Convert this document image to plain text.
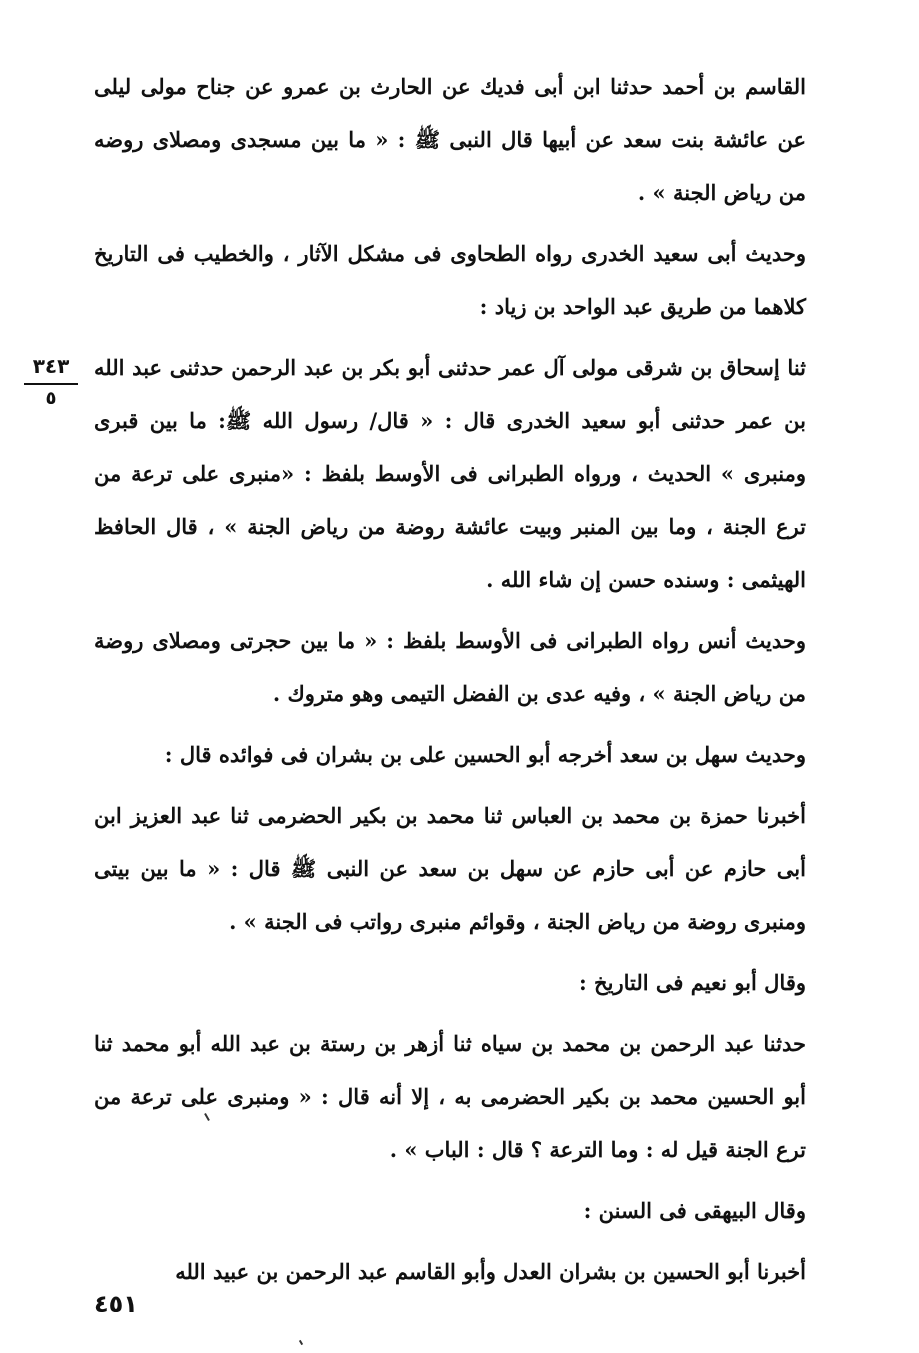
٣٤٣
٥

القاسم بن أحمد حدثنا ابن أبى فديك عن الحارث بن عمرو عن جناح مولى ليلى عن عائشة بنت سعد عن أبيها قال النبى ﷺ : « ما بين مسجدى ومصلاى روضه من رياض الجنة » .

وحديث أبى سعيد الخدرى رواه الطحاوى فى مشكل الآثار ، والخطيب فى التاريخ كلاهما من طريق عبد الواحد بن زياد :

ثنا إسحاق بن شرقى مولى آل عمر حدثنى أبو بكر بن عبد الرحمن حدثنى عبد الله بن عمر حدثنى أبو سعيد الخدرى قال : « قال/ رسول الله ﷺ: ما بين قبرى ومنبرى » الحديث ، ورواه الطبرانى فى الأوسط بلفظ : «منبرى على ترعة من ترع الجنة ، وما بين المنبر وبيت عائشة روضة من رياض الجنة » ، قال الحافظ الهيثمى : وسنده حسن إن شاء الله .

وحديث أنس رواه الطبرانى فى الأوسط بلفظ : « ما بين حجرتى ومصلاى روضة من رياض الجنة » ، وفيه عدى بن الفضل التيمى وهو متروك .

وحديث سهل بن سعد أخرجه أبو الحسين على بن بشران فى فوائده قال :

أخبرنا حمزة بن محمد بن العباس ثنا محمد بن بكير الحضرمى ثنا عبد العزيز ابن أبى حازم عن أبى حازم عن سهل بن سعد عن النبى ﷺ قال : « ما بين بيتى ومنبرى روضة من رياض الجنة ، وقوائم منبرى رواتب فى الجنة » .

وقال أبو نعيم فى التاريخ :

حدثنا عبد الرحمن بن محمد بن سياه ثنا أزهر بن رستة بن عبد الله أبو محمد ثنا أبو الحسين محمد بن بكير الحضرمى به ، إلا أنه قال : « ومنبرى على ترعة من ترع الجنة قيل له : وما الترعة ؟ قال : الباب » .

وقال البيهقى فى السنن :

أخبرنا أبو الحسين بن بشران العدل وأبو القاسم عبد الرحمن بن عبيد الله

٤٥١
